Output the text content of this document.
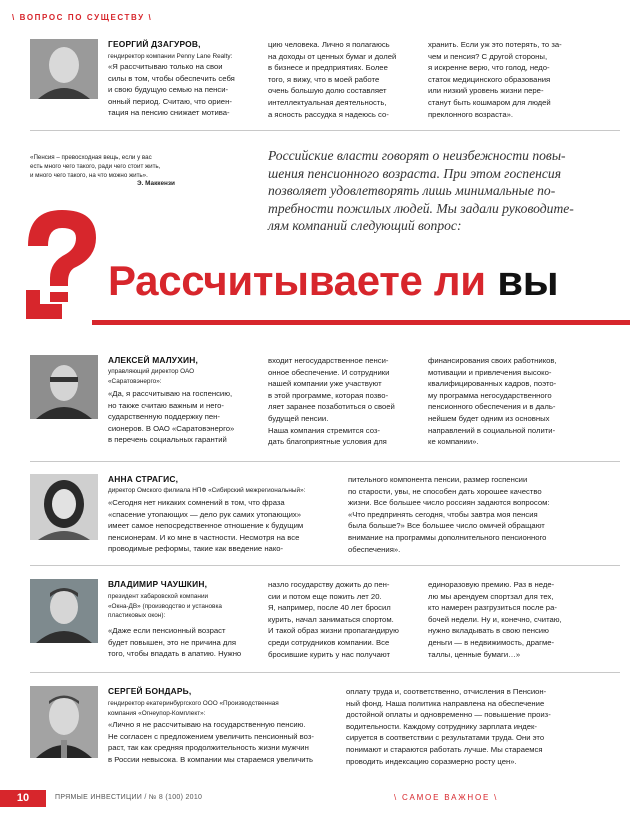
\ ВОПРОС ПО СУЩЕСТВУ \
ГЕОРГИЙ ДЗАГУРОВ,
гендиректор компании Penny Lane Realty:
«Я рассчитываю только на свои
силы в том, чтобы обеспечить себя
и свою будущую семью на пенси-
онный период. Считаю, что ориен-
тация на пенсию снижает мотива-
цию человека. Лично я полагаюсь
на доходы от ценных бумаг и долей
в бизнесе и предприятиях. Более
того, я вижу, что в моей работе
очень большую долю составляет
интеллектуальная деятельность,
а ясность рассудка я надеюсь со-
хранить. Если уж это потерять, то за-
чем и пенсия? С другой стороны,
я искренне верю, что голод, недо-
статок медицинского образования
или низкий уровень жизни пере-
станут быть кошмаром для людей
преклонного возраста».
«Пенсия – превосходная вещь, если у вас
есть много чего такого, ради чего стоит жить,
и много чего такого, на что можно жить».
Э. Маккензи
Российские власти говорят о неизбежности повы-
шения пенсионного возраста. При этом госпенсия
позволяет удовлетворять лишь минимальные по-
требности пожилых людей. Мы задали руководите-
лям компаний следующий вопрос:
Рассчитываете ли вы
АЛЕКСЕЙ МАЛУХИН,
управляющий директор ОАО
«Саратовэнерго»:
«Да, я рассчитываю на госпенсию,
но также считаю важным и него-
сударственную поддержку пен-
сионеров. В ОАО «Саратовэнерго»
в перечень социальных гарантий
входит негосударственное пенси-
онное обеспечение. И сотрудники
нашей компании уже участвуют
в этой программе, которая позво-
ляет заранее позаботиться о своей
будущей пенсии.
Наша компания стремится соз-
дать благоприятные условия для
финансирования своих работников,
мотивации и привлечения высоко-
квалифицированных кадров, поэто-
му программа негосударственного
пенсионного обеспечения и в даль-
нейшем будет одним из основных
направлений в социальной полити-
ке компании».
АННА СТРАГИС,
директор Омского филиала НПФ «Сибирский межрегиональный»:
«Сегодня нет никаких сомнений в том, что фраза
«спасение утопающих — дело рук самих утопающих»
имеет самое непосредственное отношение к будущим
пенсионерам. И ко мне в частности. Несмотря на все
проводимые реформы, такие как введение нако-
пительного компонента пенсии, размер госпенсии
по старости, увы, не способен дать хорошее качество
жизни. Все большее число россиян задаются вопросом:
«Что предпринять сегодня, чтобы завтра моя пенсия
была больше?» Все большее число омичей обращают
внимание на программы дополнительного пенсионного
обеспечения».
ВЛАДИМИР ЧАУШКИН,
президент хабаровской компании
«Окна-ДВ» (производство и установка
пластиковых окон):
«Даже если пенсионный возраст
будет повышен, это не причина для
того, чтобы впадать в апатию. Нужно
назло государству дожить до пен-
сии и потом еще пожить лет 20.
Я, например, после 40 лет бросил
курить, начал заниматься спортом.
И такой образ жизни пропагандирую
среди сотрудников компании. Все
бросившие курить у нас получают
единоразовую премию. Раз в неде-
лю мы арендуем спортзал для тех,
кто намерен разгрузиться после ра-
бочей недели. Ну и, конечно, считаю,
нужно вкладывать в свою пенсию
деньги — в недвижимость, драгме-
таллы, ценные бумаги…»
СЕРГЕЙ БОНДАРЬ,
гендиректор екатеринбургского ООО «Производственная
компания «Огнеупор-Комплект»:
«Лично я не рассчитываю на государственную пенсию.
Не согласен с предложением увеличить пенсионный воз-
раст, так как средняя продолжительность жизни мужчин
в России невысока. В компании мы стараемся увеличить
оплату труда и, соответственно, отчисления в Пенсион-
ный фонд. Наша политика направлена на обеспечение
достойной оплаты и одновременно — повышение произ-
водительности. Каждому сотруднику зарплата индек-
сируется в соответствии с результатами труда. Они это
понимают и стараются работать лучше. Мы стараемся
проводить индексацию соразмерно росту цен».
10	ПРЯМЫЕ ИНВЕСТИЦИИ / № 8 (100) 2010	\ САМОЕ ВАЖНОЕ \
